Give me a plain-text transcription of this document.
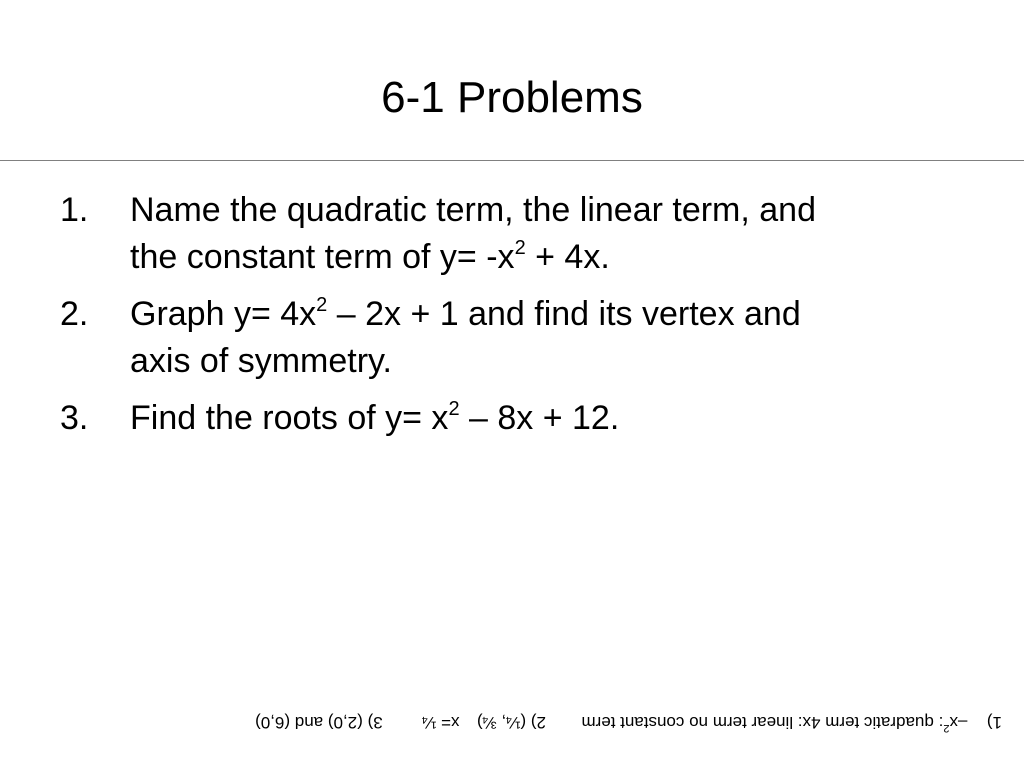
6-1 Problems
1.	Name the quadratic term, the linear term, and
the constant term of $y= -x^2 + 4x$.
2.	Graph $y= 4x^2 - 2x + 1$ and find its vertex and
axis of symmetry.
3.	Find the roots of $y= x^2 - 8x + 12$.
1)  $-x^2$: quadratic term 4x: linear term no constant term  2) (¼, ¾)  x= ¼  3) (2,0) and (6,0)
